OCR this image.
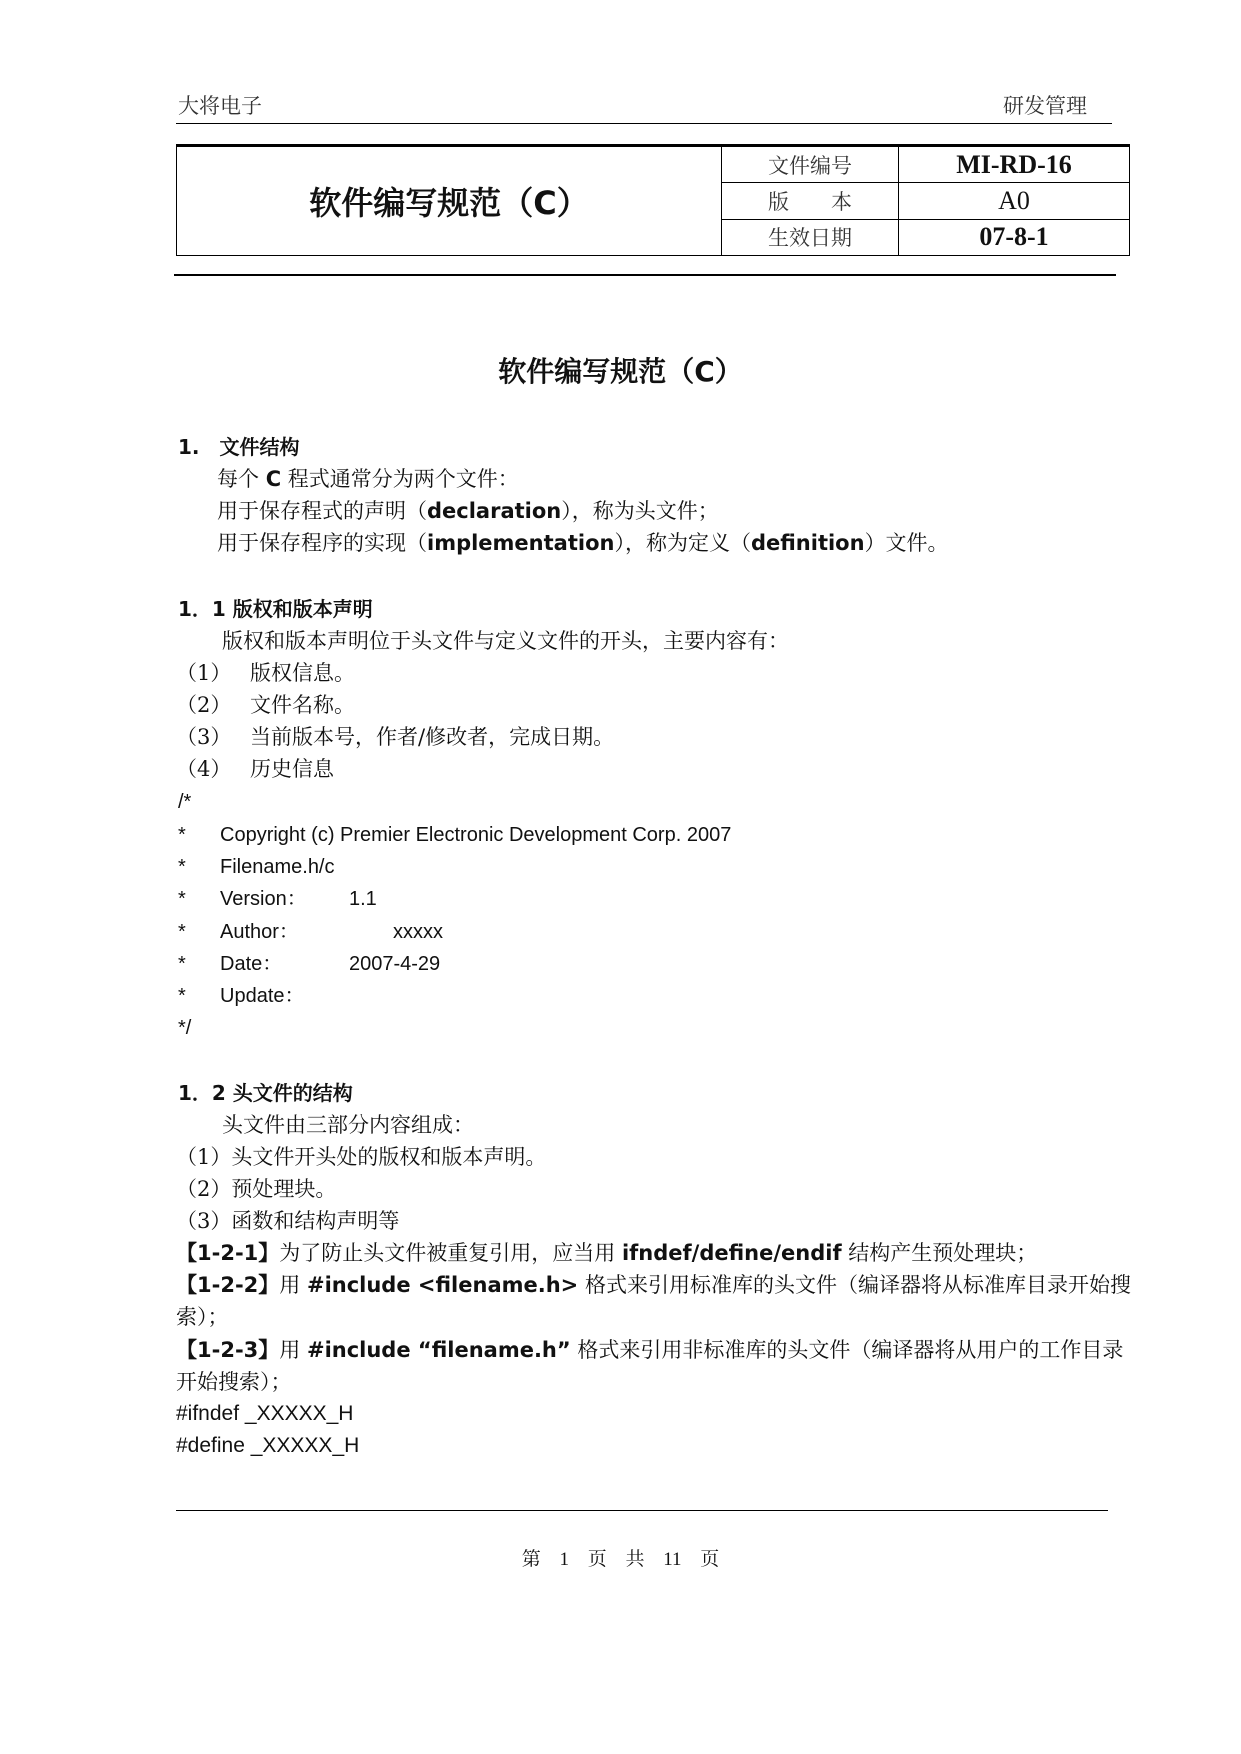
大将电子	研发管理
软件编写规范（C）	文件编号	MI-RD-16
	版　　本	A0
	生效日期	07-8-1
软件编写规范（C）
1.　文件结构
每个 C 程式通常分为两个文件：
用于保存程式的声明（declaration），称为头文件；
用于保存程序的实现（implementation），称为定义（definition）文件。
1．1 版权和版本声明
版权和版本声明位于头文件与定义文件的开头，主要内容有：
（1） 版权信息。
（2） 文件名称。
（3） 当前版本号，作者/修改者，完成日期。
（4） 历史信息
/*
* Copyright (c) Premier Electronic Development Corp. 2007
* Filename.h/c
* Version： 1.1
* Author：	xxxxx
* Date：	2007-4-29
* Update：
*/
1．2 头文件的结构
头文件由三部分内容组成：
（1）头文件开头处的版权和版本声明。
（2）预处理块。
（3）函数和结构声明等
【1-2-1】为了防止头文件被重复引用，应当用 ifndef/define/endif 结构产生预处理块；
【1-2-2】用 #include <filename.h> 格式来引用标准库的头文件（编译器将从标准库目录开始搜
索）；
【1-2-3】用 #include “filename.h” 格式来引用非标准库的头文件（编译器将从用户的工作目录
开始搜索）；
#ifndef _XXXXX_H
#define _XXXXX_H
第 1 页 共 11 页
